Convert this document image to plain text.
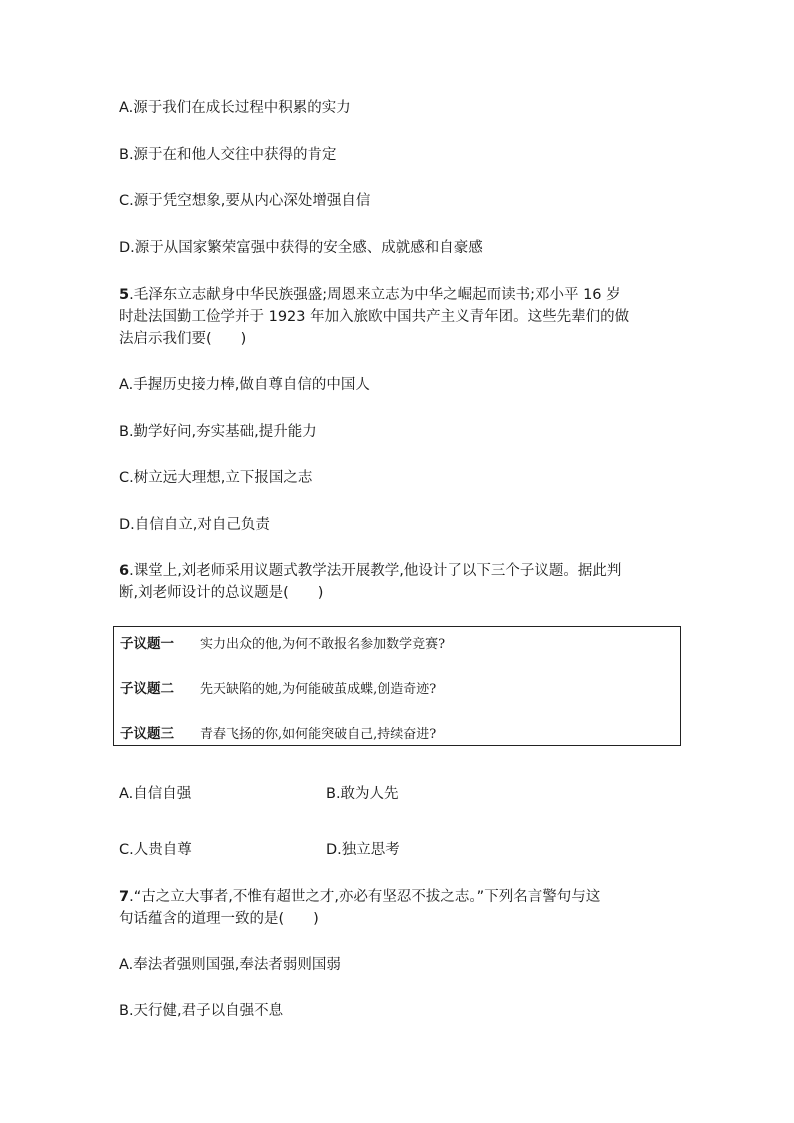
A.源于我们在成长过程中积累的实力
B.源于在和他人交往中获得的肯定
C.源于凭空想象,要从内心深处增强自信
D.源于从国家繁荣富强中获得的安全感、成就感和自豪感
5.毛泽东立志献身中华民族强盛;周恩来立志为中华之崛起而读书;邓小平 16 岁
时赴法国勤工俭学并于 1923 年加入旅欧中国共产主义青年团。这些先辈们的做
法启示我们要(　　)
A.手握历史接力棒,做自尊自信的中国人
B.勤学好问,夯实基础,提升能力
C.树立远大理想,立下报国之志
D.自信自立,对自己负责
6.课堂上,刘老师采用议题式教学法开展教学,他设计了以下三个子议题。据此判
断,刘老师设计的总议题是(　　)
子议题一 实力出众的他,为何不敢报名参加数学竞赛?
子议题二 先天缺陷的她,为何能破茧成蝶,创造奇迹?
子议题三 青春飞扬的你,如何能突破自己,持续奋进?
A.自信自强	B.敢为人先
C.人贵自尊	D.独立思考
7.“古之立大事者,不惟有超世之才,亦必有坚忍不拔之志。”下列名言警句与这
句话蕴含的道理一致的是(　　)
A.奉法者强则国强,奉法者弱则国弱
B.天行健,君子以自强不息
